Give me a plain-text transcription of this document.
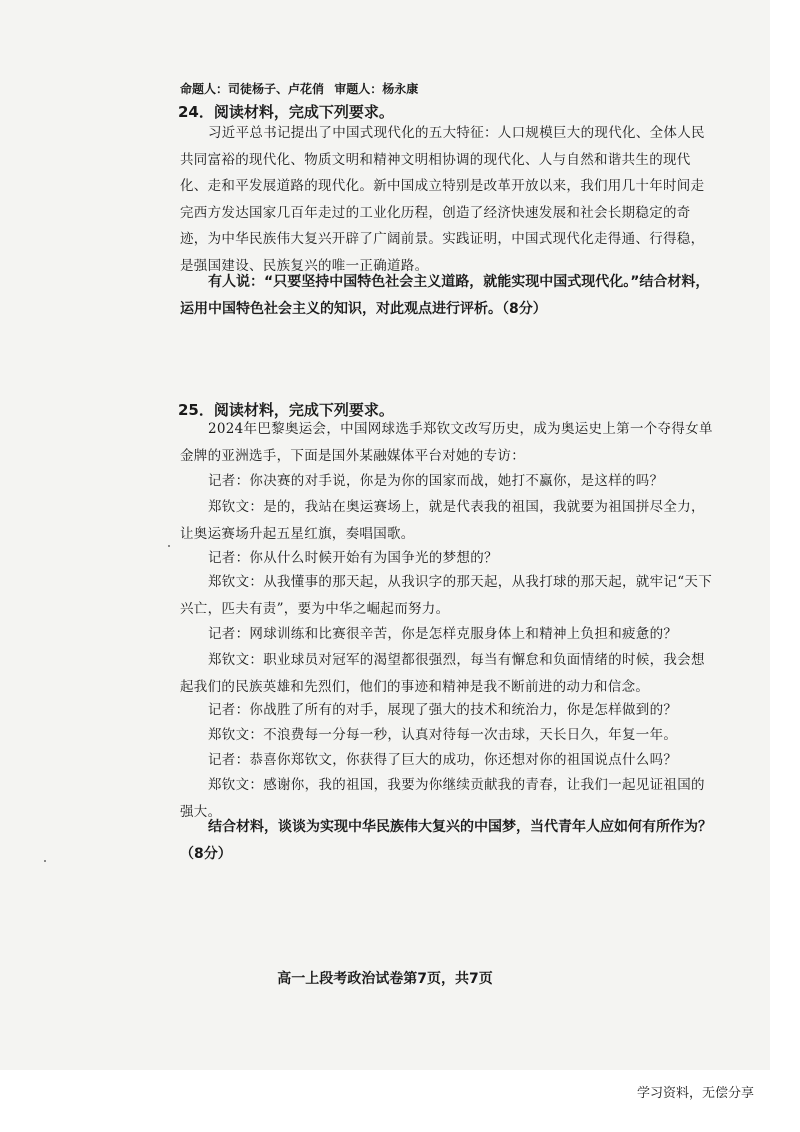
命题人：司徒杨子、卢花俏 审题人：杨永康
24．阅读材料，完成下列要求。

习近平总书记提出了中国式现代化的五大特征：人口规模巨大的现代化、全体人民共同富裕的现代化、物质文明和精神文明相协调的现代化、人与自然和谐共生的现代化、走和平发展道路的现代化。新中国成立特别是改革开放以来，我们用几十年时间走完西方发达国家几百年走过的工业化历程，创造了经济快速发展和社会长期稳定的奇迹，为中华民族伟大复兴开辟了广阔前景。实践证明，中国式现代化走得通、行得稳，是强国建设、民族复兴的唯一正确道路。

有人说：“只要坚持中国特色社会主义道路，就能实现中国式现代化。”结合材料，运用中国特色社会主义的知识，对此观点进行评析。（8分）

25．阅读材料，完成下列要求。

2024年巴黎奥运会，中国网球选手郑钦文改写历史，成为奥运史上第一个夺得女单金牌的亚洲选手，下面是国外某融媒体平台对她的专访：

记者：你决赛的对手说，你是为你的国家而战，她打不赢你，是这样的吗？

郑钦文：是的，我站在奥运赛场上，就是代表我的祖国，我就要为祖国拼尽全力，让奥运赛场升起五星红旗，奏唱国歌。

记者：你从什么时候开始有为国争光的梦想的？

郑钦文：从我懂事的那天起，从我识字的那天起，从我打球的那天起，就牢记“天下兴亡，匹夫有责”，要为中华之崛起而努力。

记者：网球训练和比赛很辛苦，你是怎样克服身体上和精神上负担和疲惫的？

郑钦文：职业球员对冠军的渴望都很强烈，每当有懈怠和负面情绪的时候，我会想起我们的民族英雄和先烈们，他们的事迹和精神是我不断前进的动力和信念。

记者：你战胜了所有的对手，展现了强大的技术和统治力，你是怎样做到的？

郑钦文：不浪费每一分每一秒，认真对待每一次击球，天长日久，年复一年。

记者：恭喜你郑钦文，你获得了巨大的成功，你还想对你的祖国说点什么吗？

郑钦文：感谢你，我的祖国，我要为你继续贡献我的青春，让我们一起见证祖国的强大。

结合材料，谈谈为实现中华民族伟大复兴的中国梦，当代青年人应如何有所作为？（8分）

高一上段考政治试卷第7页，共7页
学习资料，无偿分享
